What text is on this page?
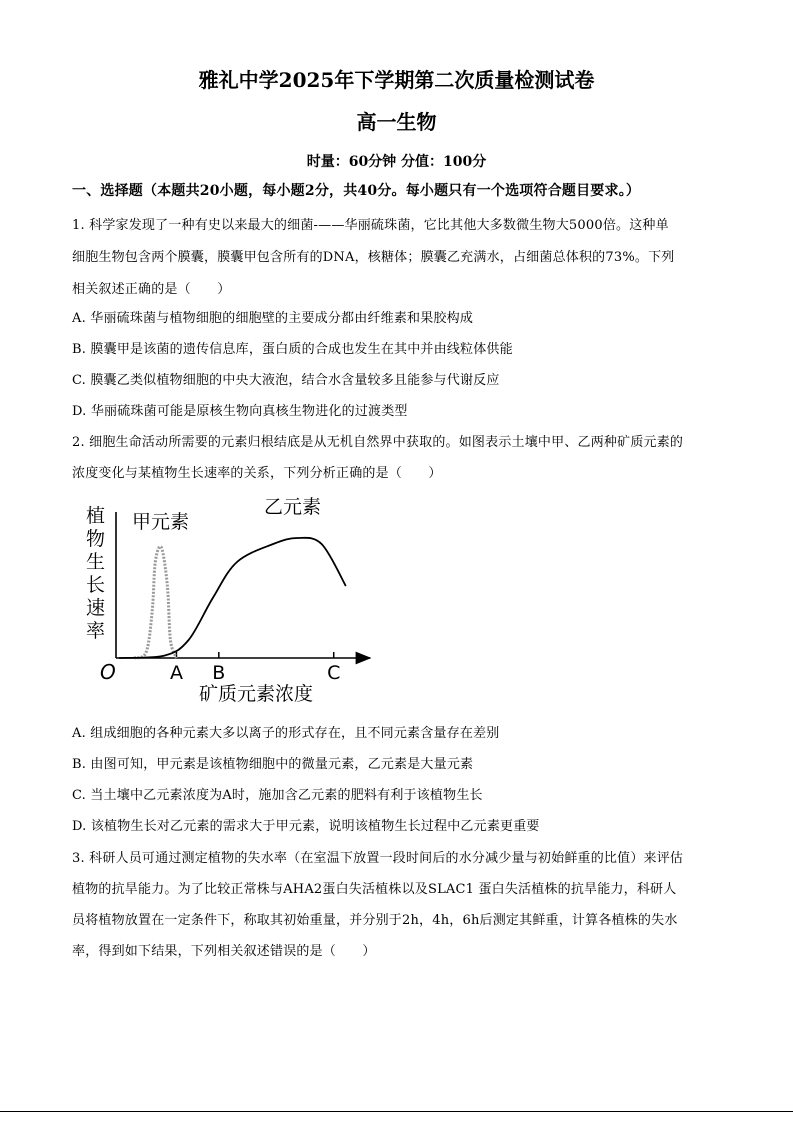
雅礼中学2025年下学期第二次质量检测试卷
高一生物
时量：60分钟 分值：100分
一、选择题（本题共20小题，每小题2分，共40分。每小题只有一个选项符合题目要求。）
1. 科学家发现了一种有史以来最大的细菌-——华丽硫珠菌，它比其他大多数微生物大5000倍。这种单
细胞生物包含两个膜囊，膜囊甲包含所有的DNA，核糖体；膜囊乙充满水，占细菌总体积的73%。下列
相关叙述正确的是（　　）
A. 华丽硫珠菌与植物细胞的细胞壁的主要成分都由纤维素和果胶构成
B. 膜囊甲是该菌的遗传信息库，蛋白质的合成也发生在其中并由线粒体供能
C. 膜囊乙类似植物细胞的中央大液泡，结合水含量较多且能参与代谢反应
D. 华丽硫珠菌可能是原核生物向真核生物进化的过渡类型
2. 细胞生命活动所需要的元素归根结底是从无机自然界中获取的。如图表示土壤中甲、乙两种矿质元素的
浓度变化与某植物生长速率的关系，下列分析正确的是（　　）
植
物
生
长
速
率
O	A B	C
矿质元素浓度
甲元素
乙元素
A. 组成细胞的各种元素大多以离子的形式存在，且不同元素含量存在差别
B. 由图可知，甲元素是该植物细胞中的微量元素，乙元素是大量元素
C. 当土壤中乙元素浓度为A时，施加含乙元素的肥料有利于该植物生长
D. 该植物生长对乙元素的需求大于甲元素，说明该植物生长过程中乙元素更重要
3. 科研人员可通过测定植物的失水率（在室温下放置一段时间后的水分减少量与初始鲜重的比值）来评估
植物的抗旱能力。为了比较正常株与AHA2蛋白失活植株以及SLAC1 蛋白失活植株的抗旱能力，科研人
员将植物放置在一定条件下，称取其初始重量，并分别于2h，4h，6h后测定其鲜重，计算各植株的失水
率，得到如下结果，下列相关叙述错误的是（　　）
